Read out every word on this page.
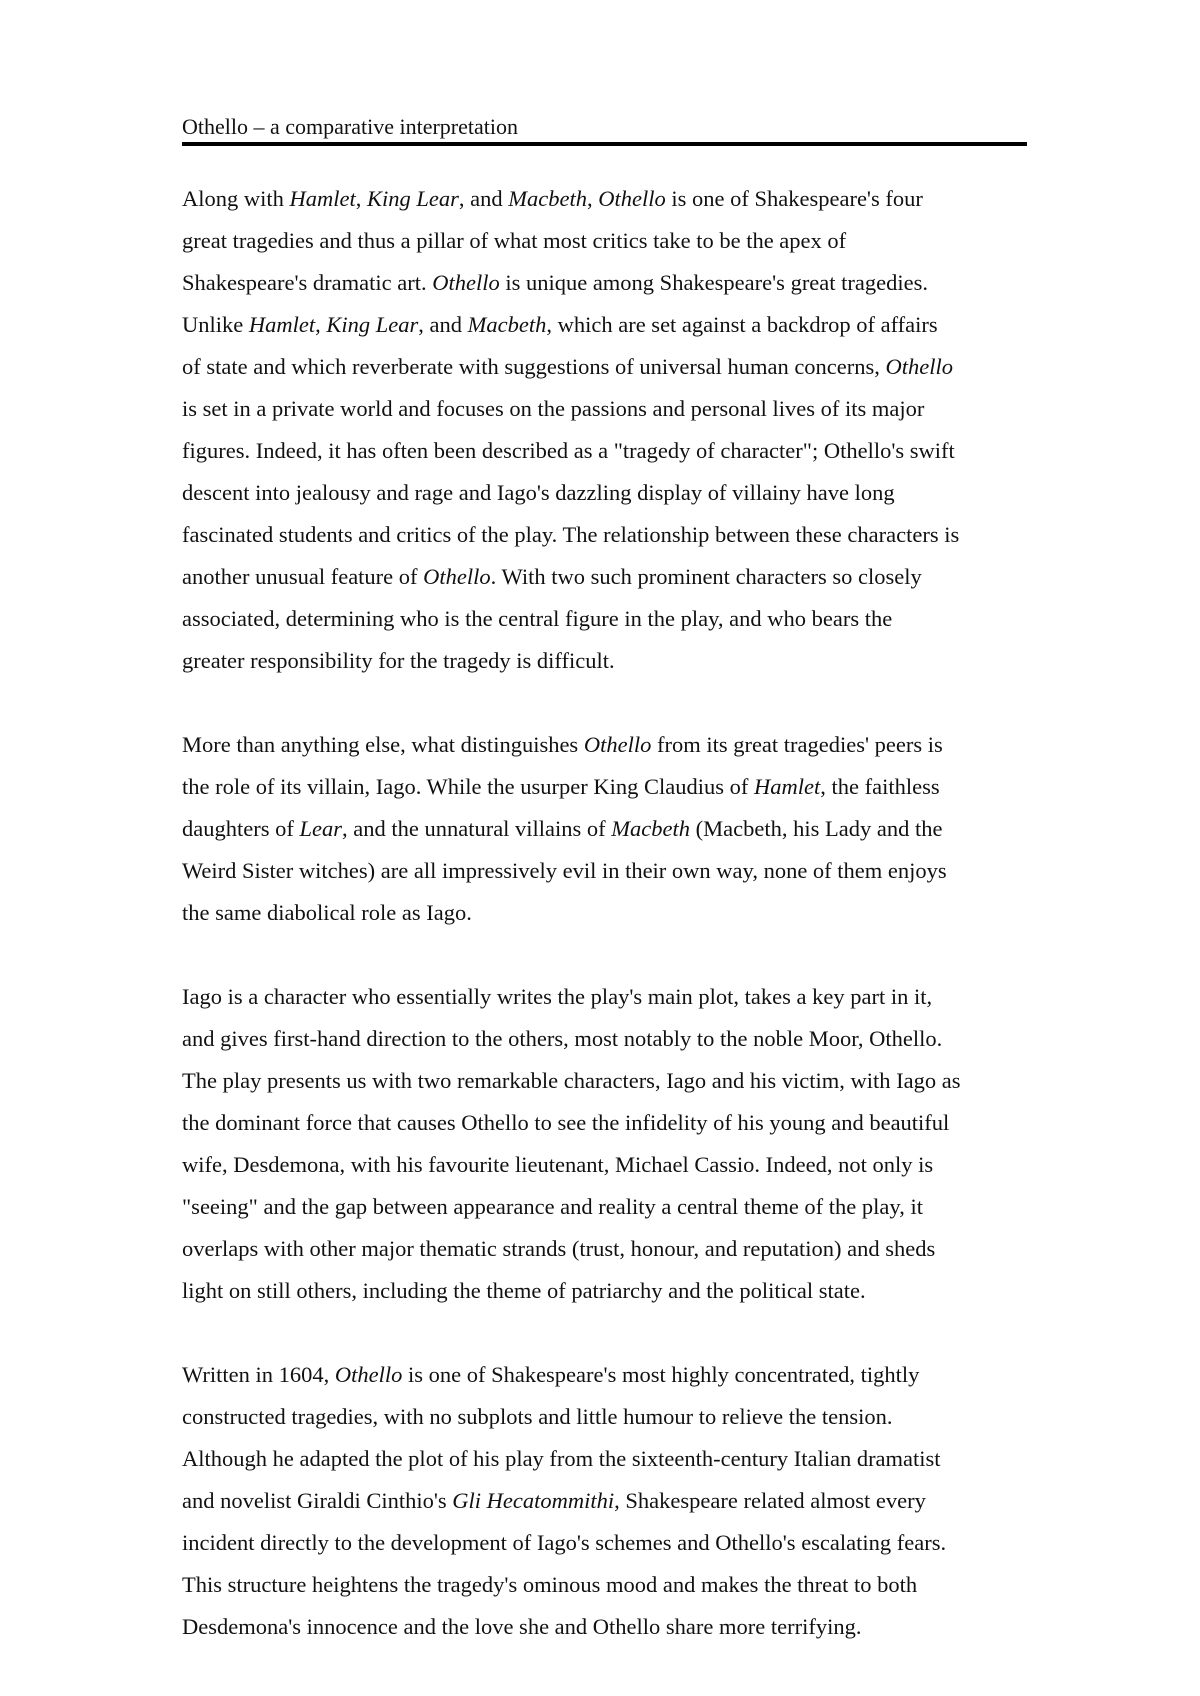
Othello – a comparative interpretation
Along with Hamlet, King Lear, and Macbeth, Othello is one of Shakespeare's four
great tragedies and thus a pillar of what most critics take to be the apex of
Shakespeare's dramatic art. Othello is unique among Shakespeare's great tragedies.
Unlike Hamlet, King Lear, and Macbeth, which are set against a backdrop of affairs
of state and which reverberate with suggestions of universal human concerns, Othello
is set in a private world and focuses on the passions and personal lives of its major
figures. Indeed, it has often been described as a "tragedy of character"; Othello's swift
descent into jealousy and rage and Iago's dazzling display of villainy have long
fascinated students and critics of the play. The relationship between these characters is
another unusual feature of Othello. With two such prominent characters so closely
associated, determining who is the central figure in the play, and who bears the
greater responsibility for the tragedy is difficult.
More than anything else, what distinguishes Othello from its great tragedies' peers is
the role of its villain, Iago. While the usurper King Claudius of Hamlet, the faithless
daughters of Lear, and the unnatural villains of Macbeth (Macbeth, his Lady and the
Weird Sister witches) are all impressively evil in their own way, none of them enjoys
the same diabolical role as Iago.
Iago is a character who essentially writes the play's main plot, takes a key part in it,
and gives first-hand direction to the others, most notably to the noble Moor, Othello.
The play presents us with two remarkable characters, Iago and his victim, with Iago as
the dominant force that causes Othello to see the infidelity of his young and beautiful
wife, Desdemona, with his favourite lieutenant, Michael Cassio. Indeed, not only is
"seeing" and the gap between appearance and reality a central theme of the play, it
overlaps with other major thematic strands (trust, honour, and reputation) and sheds
light on still others, including the theme of patriarchy and the political state.
Written in 1604, Othello is one of Shakespeare's most highly concentrated, tightly
constructed tragedies, with no subplots and little humour to relieve the tension.
Although he adapted the plot of his play from the sixteenth-century Italian dramatist
and novelist Giraldi Cinthio's Gli Hecatommithi, Shakespeare related almost every
incident directly to the development of Iago's schemes and Othello's escalating fears.
This structure heightens the tragedy's ominous mood and makes the threat to both
Desdemona's innocence and the love she and Othello share more terrifying.
